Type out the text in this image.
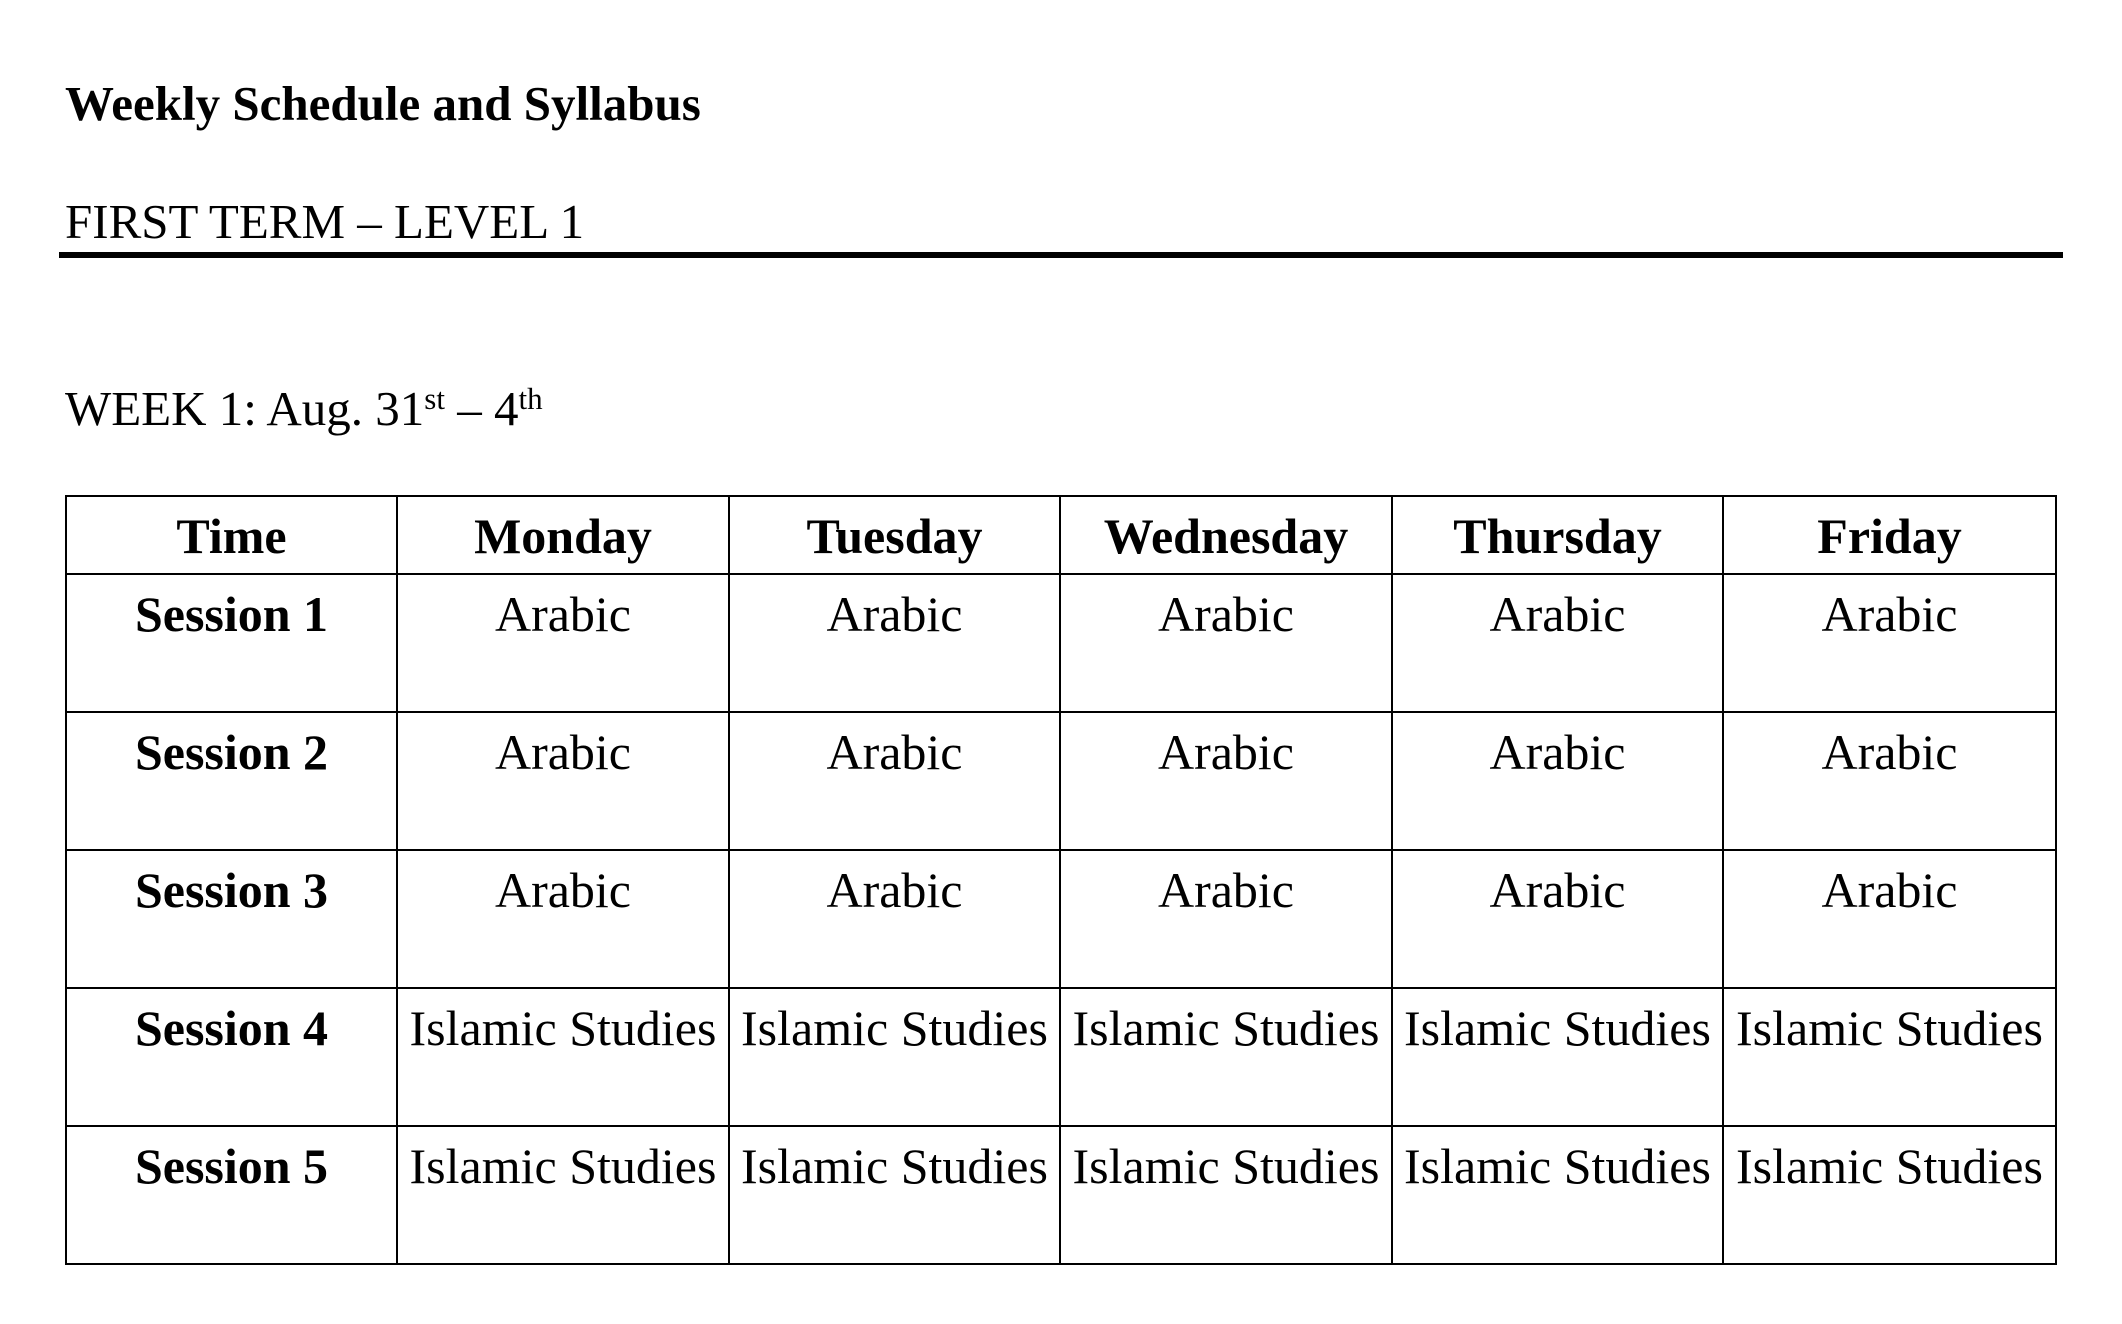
Weekly Schedule and Syllabus
FIRST TERM – LEVEL 1
WEEK 1: Aug. 31st – 4th
Time	Monday	Tuesday	Wednesday	Thursday	Friday
Session 1	Arabic	Arabic	Arabic	Arabic	Arabic
Session 2	Arabic	Arabic	Arabic	Arabic	Arabic
Session 3	Arabic	Arabic	Arabic	Arabic	Arabic
Session 4	Islamic Studies	Islamic Studies	Islamic Studies	Islamic Studies	Islamic Studies
Session 5	Islamic Studies	Islamic Studies	Islamic Studies	Islamic Studies	Islamic Studies
